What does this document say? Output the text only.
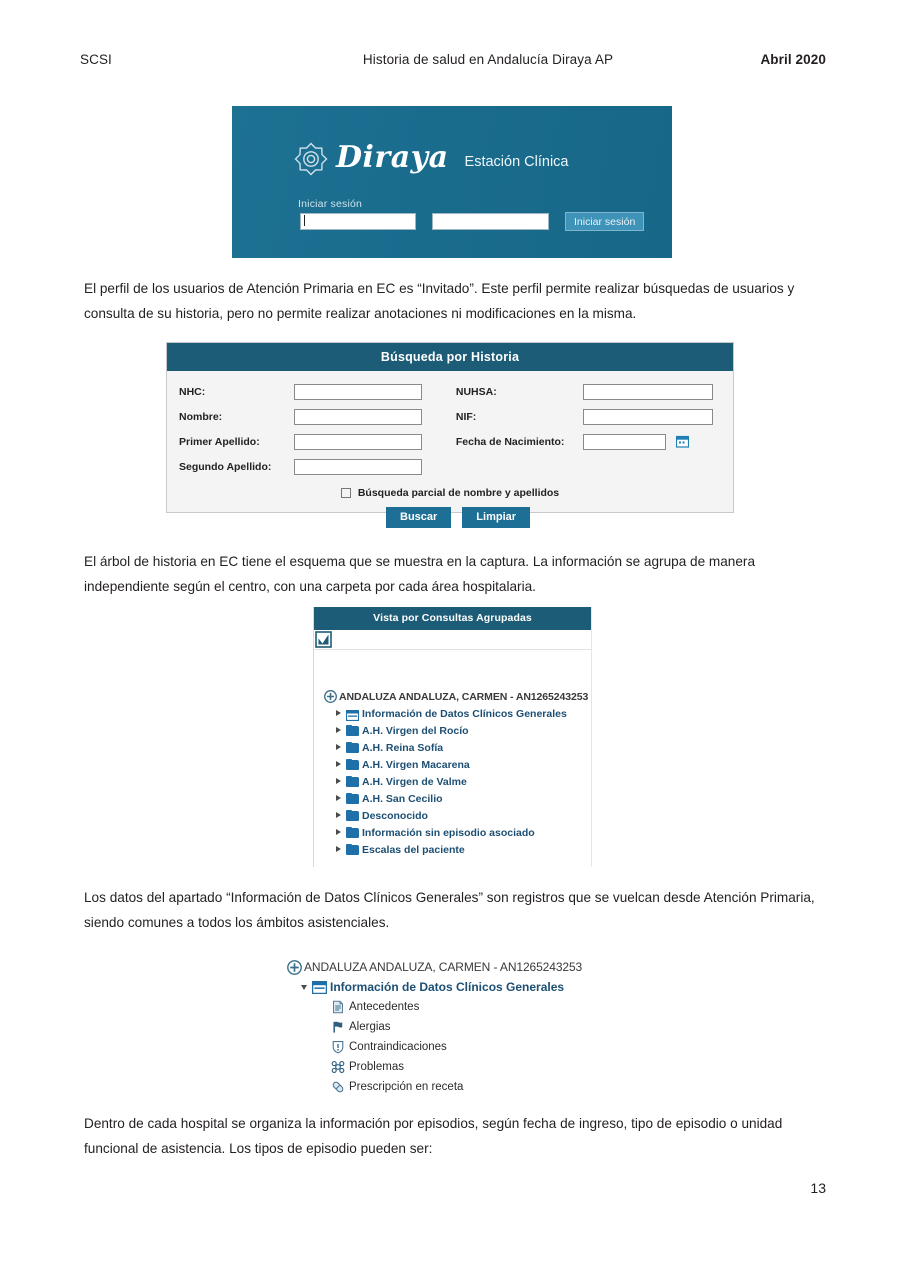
SCSI	Historia de salud en Andalucía Diraya AP	Abril 2020
Diraya Estación Clínica
Iniciar sesión
Iniciar sesión
El perfil de los usuarios de Atención Primaria en EC es “Invitado”. Este perfil permite realizar búsquedas de usuarios y consulta de su historia, pero no permite realizar anotaciones ni modificaciones en la misma.
Búsqueda por Historia
NHC:	NUHSA:
Nombre:	NIF:
Primer Apellido:	Fecha de Nacimiento:
Segundo Apellido:
Búsqueda parcial de nombre y apellidos
Buscar	Limpiar
El árbol de historia en EC tiene el esquema que se muestra en la captura. La información se agrupa de manera independiente según el centro, con una carpeta por cada área hospitalaria.
Vista por Consultas Agrupadas
ANDALUZA ANDALUZA, CARMEN - AN1265243253
Información de Datos Clínicos Generales
A.H. Virgen del Rocío
A.H. Reina Sofía
A.H. Virgen Macarena
A.H. Virgen de Valme
A.H. San Cecilio
Desconocido
Información sin episodio asociado
Escalas del paciente
Los datos del apartado “Información de Datos Clínicos Generales” son registros que se vuelcan desde Atención Primaria, siendo comunes a todos los ámbitos asistenciales.
ANDALUZA ANDALUZA, CARMEN - AN1265243253
Información de Datos Clínicos Generales
Antecedentes
Alergias
Contraindicaciones
Problemas
Prescripción en receta
Dentro de cada hospital se organiza la información por episodios, según fecha de ingreso, tipo de episodio o unidad funcional de asistencia. Los tipos de episodio pueden ser:
13
